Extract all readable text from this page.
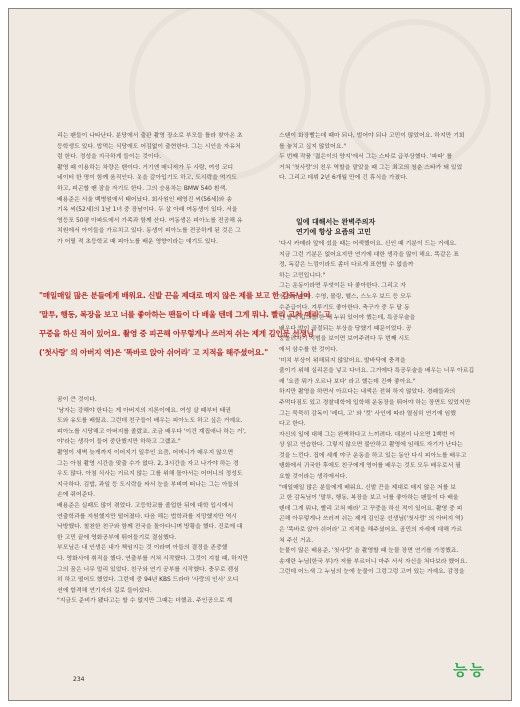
리는 팬들이 나타난다. 분당에서 출판 촬영 장소로 부모들 틀라 찾아온 초

등학생도 있다. 밥먹는 식당에도 어김없이 출현한다. 그는 시인을 자유처

럼 한다. 정성을 지극하게 들이는 것이다.

촬영 때 이용하는 차량은 밴이다. 거기엔 매니저가 두 사람, 여성 코디

네이터 한 명이 함께 움직인다. 옷을 갈아입기도 하고, 도시락을 먹기도

하고, 피곤할 땐 잠을 자기도 한다. 그의 승용차는 BMW 540 흰색.

배용준은 서울 백병원에서 태어났다. 회사원인 배영진 씨(56세)와 송

기옥 씨(52세)의 1남 1녀 중 장남이다. 두 살 아래 여동생이 있다. 서울

영등포 50평 아파트에서 가족과 함께 산다. 여동생은 피아노를 전공해 유

치원에서 아이들을 가르치고 있다. 동생이 피아노를 전공하게 된 것은 그

가 어릴 적 초등학교 때 피아노를 배운 영향이라는 얘기도 있다.

스탠이 화장빨는데 때마 되나, 벌어야 되나 고민이 많았어요. 하지만 기회

를 놓치고 싶지 않았어요."

두 번째 작품 '젊은이의 양지'에서 그는 스타로 급부상했다. '파파' 를

거쳐 '첫사랑'의 친우 역할을 맡았을 때 그는 최고의 청춘 스타가 돼 있었

다. 그리고 데뷔 2년 6개월 만에 긴 휴식을 가졌다.

일에 대해서는 완벽주의자

연기에 항상 요즘의 고민

'다시 카메라 앞에 섰을 때는 어색했어요. 신인 때 기분이 드는 거예요.

지금 그런 기분은 없어요지만 연기에 대한 생각을 많이 해요. 똑같은 표

정, 독같은 느낌이라도 좀더 다르게 표현할 수 없을까

하는 고민입니다."

그는 운동이라면 무엇이든 다 좋아한다. 그리고 자

신 있어 한다. 수영, 볼링, 헬스, 스노우 보드 등 모두

수준급이다. 겨루기도 좋아한다. 축구가 중 두 달 동

안 발에 깁스를 한 채 누워 있어야 했는데, 특공무술을

배우다 발이 골절되는 부상을 당했기 때문이었다. 공

중돌려차기 시범을 보이면 보여주려다 두 번째 시도

에서 삼수를 한 것이다.

'미치 부상이 위해되지 않았어요. 발바닥에 충격을

줄이기 위해 실리콘을 넣고 다녀요. 그거에다 특공무술을 배우는 너무 아르깁

래 '요즘 뭐가 오르나 보다' 라고 했는데 진짜 좋아요."

하지만 촬영을 하면서 아프다는 내색은 전혀 하지 않았다. 경쾌들과의

주먹다짐도 있고 경찰대학에 입학해 운동장을 뛰어야 하는 장면도 있었지만

그는 묵묵히 감독이 '레디, 고' 와 '컷' 사인에 따라 열심히 연기에 임했

다고 한다.

자신의 일에 대해 그는 완벽하다고 느끼려다. 대본이 나오면 1백번 이

상 읽고 연습한다. 그렇지 않으면 불안하고 촬영에 임해도 자기가 난다는

것을 느낀다. 집에 세계 야구 운동을 하고 있는 동안 다시 피아노를 배우고

탱화에서 귀국한 후에도 친구에게 영어를 배우는 것도 모두 배우로서 필

요할 것이라는 생각에서다.

"매일매일 많은 분들에게 배워요. 신발 끈을 제대로 매지 않은 저를 보

고 한 감독님이 '말투, 행동, 복장을 보고 너를 좋아하는 팬들이 다 배울

텐데 그게 뭐냐, 빨리 고쳐 매라' 고 꾸중을 하신 적이 있어요. 촬영 중 피

곤해 아무렇게나 쓰러져 쉬는 제게 김인문 선생님('첫사랑' 의 아버지 역)

은 '똑바로 앉아 쉬어라' 고 지적을 해주셨어요. 곰민의 자세에 대해 가르

쳐 주신 거죠.

눈물이 많은 배용준, '첫사랑' 을 촬영할 때 눈물 장면 연기를 가정했죠.

송재란 누님(한국 부)가 저를 부르더니 마주 서서 자신을 쳐다보라 했어요.

그런데 어느새 그 누님의 눈에 눈물이 그렁그렁 고여 있는 거예요. 감정을

"매일매일 많은 분들에게 배워요. 신발 끈을 제대로 매지 않은 제를 보고 한 감독님이

'말투, 행동, 복장을 보고 너를 좋아하는 팬들이 다 배울 텐데 그게 뭐냐. 빨리 고쳐 매라' 고

꾸중을 하신 적이 있어요. 촬영 중 피곤해 아무렇게나 쓰러져 쉬는 제게 김인문 선생님

('첫사랑' 의 아버지 역)은 '똑바로 앉아 쉬어라' 고 지적을 해주셨어요."

꿈이 큰 것이다.

'남자는 강해야 한다는 게 아버지의 지론이에요. 여성 살 때부터 태권

도와 유도를 배웠죠. 그런데 친구들이 배우는 피아노도 하고 싶은 거예요.

피아노를 시당해고 아버지를 졸랐죠. 조금 배우다 '이건 계집애나 하는 거',

야'라는 생각이 들어 중단했지만 하하고 그랬죠."

촬영이 새벽 늦게까지 이어지기 일쑤인 요즘, 어머니가 매우지 않으면

그는 아침 촬영 시간을 맞출 수가 없다. 2, 3시간을 자고 나가야 하는 경

우도 많다. 아침 식사는 거르지 않는 그를 위해 돌아서는 어머니의 정성도

지극하다. 김밥, 과일 등 도시락을 싸서 눈을 부벼며 떠나는 그는 아들의

손에 쥐어준다.

배용준은 실패도 많이 겪었다. 고등학교를 졸업한 뒤에 대학 입시에서

연출학과를 지원했지만 떨어졌다. 다음 해는 법학과를 지망했지만 역시

낙방했다. 철천한 친구와 함께 전국을 돌아다니며 방황을 했다. 진로에 대

한 고민 끝에 영화공부에 뛰어들기로 결심했다.

부모님은 내 인생은 내가 책임지는 것 이라며 아들의 결정을 존중했

다. 영화사에 취직을 했다. 연출부를 거쳐 시작했다. 그것이 지칠 때, 하지만

그의 꿈은 너무 멀리 있었다. 친구와 연기 공부를 시작했다. 충무로 캠심

히 하고 떨어도 했었다. 그런데 중 94년 KBS 드라마 '사랑의 인사' 오디

션에 합격해 연기자의 길로 들어섰다.

"지금도 준비가 됐다고는 할 수 없지만 그때는 더했죠. 주인공으로 계

234
능능
